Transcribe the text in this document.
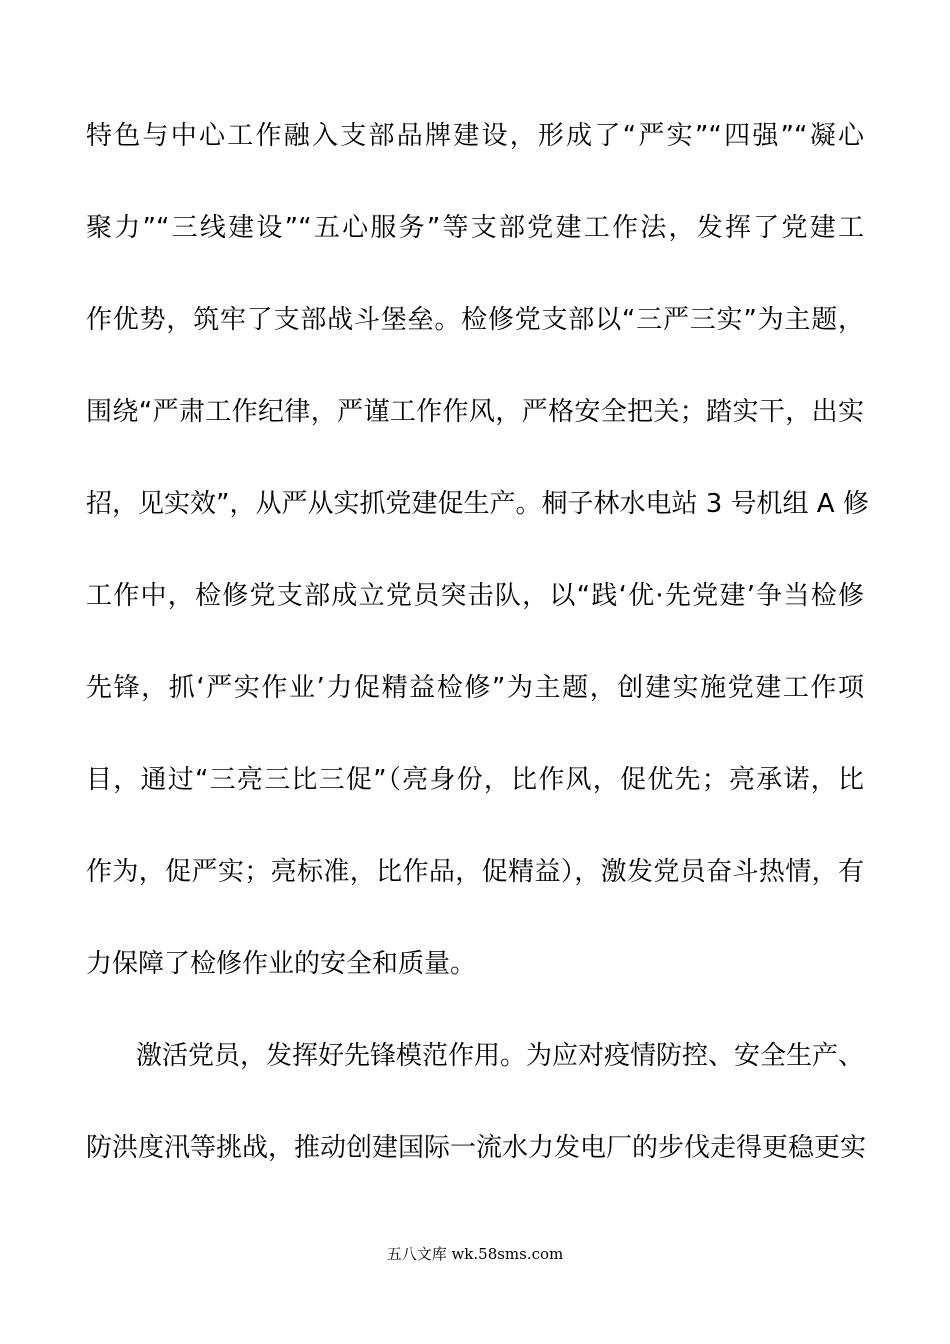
特色与中心工作融入支部品牌建设，形成了“严实”“四强”“凝心
聚力”“三线建设”“五心服务”等支部党建工作法，发挥了党建工
作优势，筑牢了支部战斗堡垒。检修党支部以“三严三实”为主题，
围绕“严肃工作纪律，严谨工作作风，严格安全把关；踏实干，出实
招，见实效”，从严从实抓党建促生产。桐子林水电站 3 号机组 A 修
工作中，检修党支部成立党员突击队，以“践‘优·先党建’争当检修
先锋，抓‘严实作业’力促精益检修”为主题，创建实施党建工作项
目，通过“三亮三比三促”（亮身份，比作风，促优先；亮承诺，比
作为，促严实；亮标准，比作品，促精益），激发党员奋斗热情，有
力保障了检修作业的安全和质量。
激活党员，发挥好先锋模范作用。为应对疫情防控、安全生产、
防洪度汛等挑战，推动创建国际一流水力发电厂的步伐走得更稳更实
五八文库 wk.58sms.com
